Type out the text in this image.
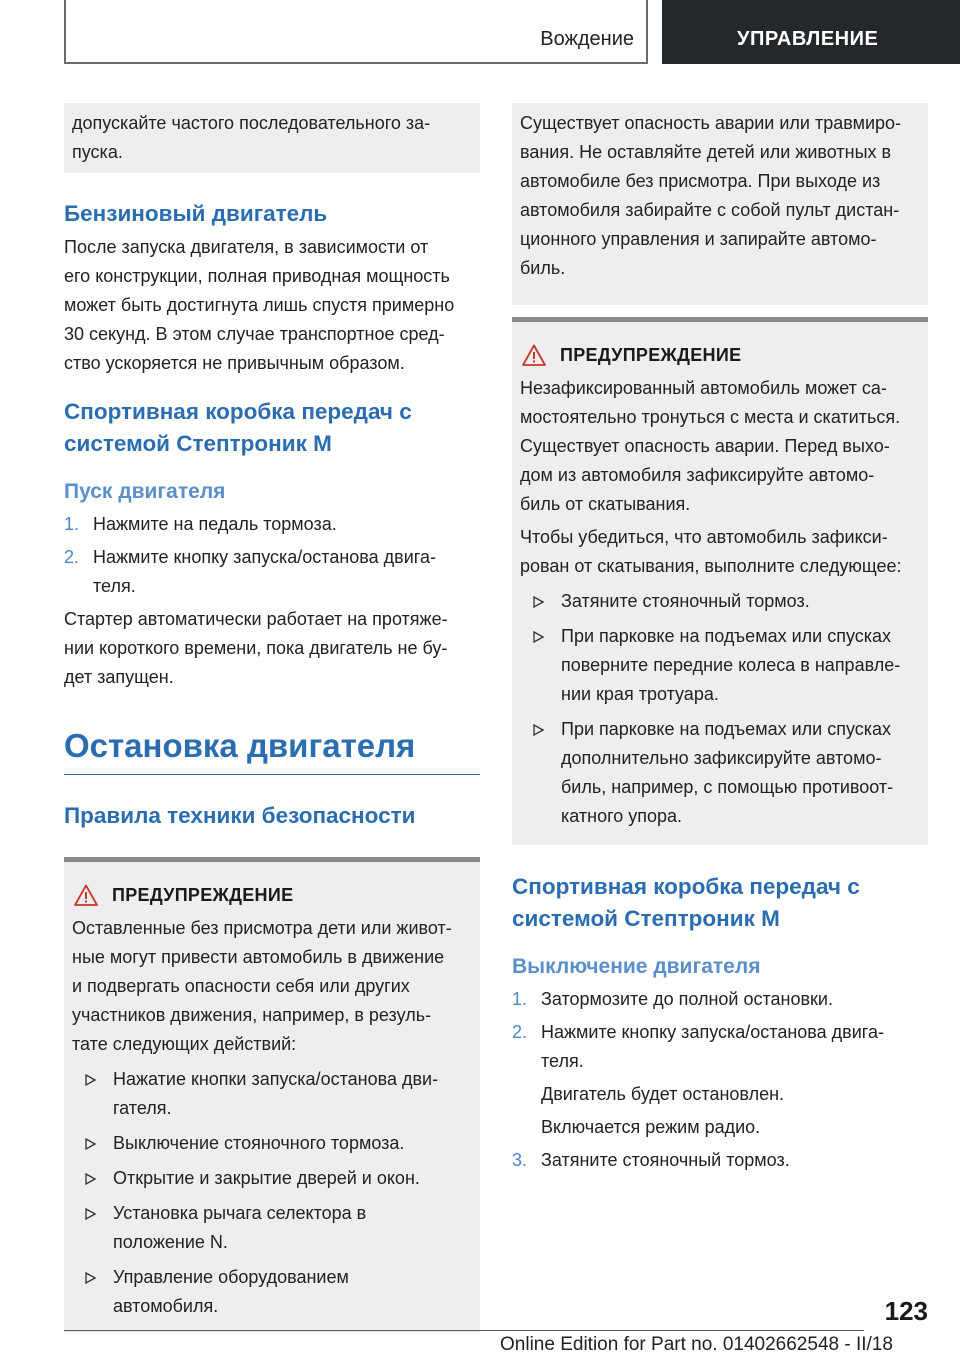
Вождение	УПРАВЛЕНИЕ
допускайте частого последовательного за-
пуска.
Бензиновый двигатель
После запуска двигателя, в зависимости от
его конструкции, полная приводная мощность
может быть достигнута лишь спустя примерно
30 секунд. В этом случае транспортное сред-
ство ускоряется не привычным образом.
Спортивная коробка передач с
системой Стептроник M
Пуск двигателя
1. Нажмите на педаль тормоза.
2. Нажмите кнопку запуска/останова двига-
теля.
Стартер автоматически работает на протяже-
нии короткого времени, пока двигатель не бу-
дет запущен.
Остановка двигателя
Правила техники безопасности
ПРЕДУПРЕЖДЕНИЕ
Оставленные без присмотра дети или живот-
ные могут привести автомобиль в движение
и подвергать опасности себя или других
участников движения, например, в резуль-
тате следующих действий:
Нажатие кнопки запуска/останова дви-
гателя.
Выключение стояночного тормоза.
Открытие и закрытие дверей и окон.
Установка рычага селектора в
положение N.
Управление оборудованием
автомобиля.
Существует опасность аварии или травмиро-
вания. Не оставляйте детей или животных в
автомобиле без присмотра. При выходе из
автомобиля забирайте с собой пульт дистан-
ционного управления и запирайте автомо-
биль.
ПРЕДУПРЕЖДЕНИЕ
Незафиксированный автомобиль может са-
мостоятельно тронуться с места и скатиться.
Существует опасность аварии. Перед выхо-
дом из автомобиля зафиксируйте автомо-
биль от скатывания.
Чтобы убедиться, что автомобиль зафикси-
рован от скатывания, выполните следующее:
Затяните стояночный тормоз.
При парковке на подъемах или спусках
поверните передние колеса в направле-
нии края тротуара.
При парковке на подъемах или спусках
дополнительно зафиксируйте автомо-
биль, например, с помощью противоот-
катного упора.
Спортивная коробка передач с
системой Стептроник M
Выключение двигателя
1. Затормозите до полной остановки.
2. Нажмите кнопку запуска/останова двига-
теля.
Двигатель будет остановлен.
Включается режим радио.
3. Затяните стояночный тормоз.
123
Online Edition for Part no. 01402662548 - II/18
